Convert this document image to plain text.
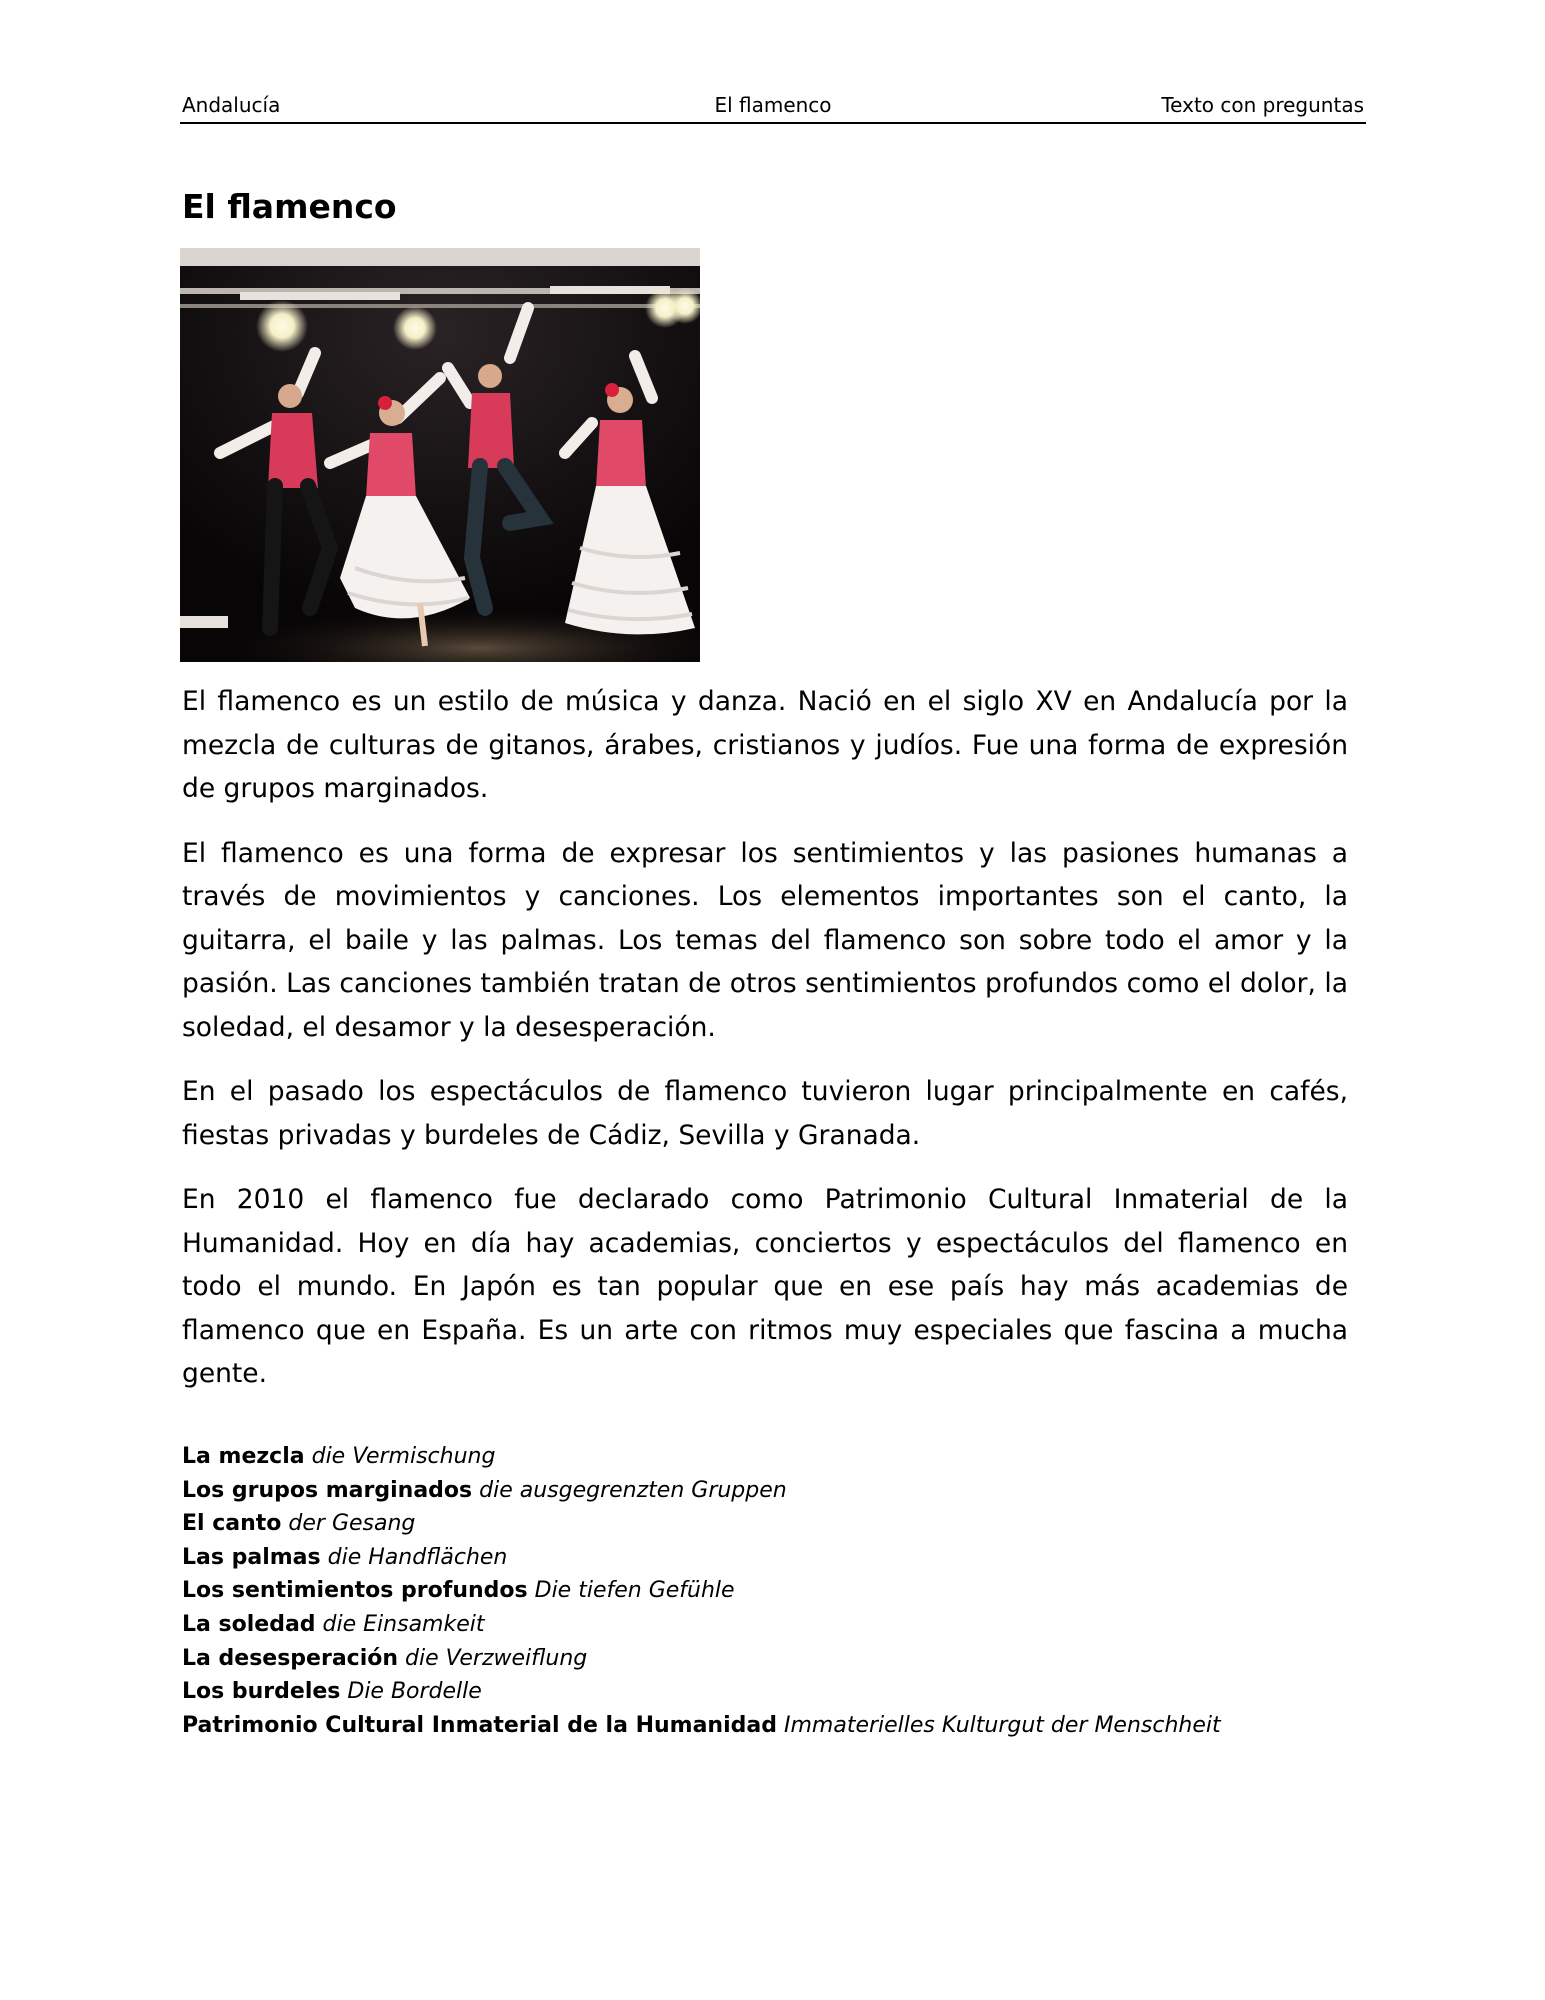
Andalucía	El flamenco	Texto con preguntas
El flamenco

El flamenco es un estilo de música y danza. Nació en el siglo XV en Andalucía por la mezcla de culturas de gitanos, árabes, cristianos y judíos. Fue una forma de expresión de grupos marginados.

El flamenco es una forma de expresar los sentimientos y las pasiones humanas a través de movimientos y canciones. Los elementos importantes son el canto, la guitarra, el baile y las palmas. Los temas del flamenco son sobre todo el amor y la pasión. Las canciones también tratan de otros sentimientos profundos como el dolor, la soledad, el desamor y la desesperación.

En el pasado los espectáculos de flamenco tuvieron lugar principalmente en cafés, fiestas privadas y burdeles de Cádiz, Sevilla y Granada.

En 2010 el flamenco fue declarado como Patrimonio Cultural Inmaterial de la Humanidad. Hoy en día hay academias, conciertos y espectáculos del flamenco en todo el mundo. En Japón es tan popular que en ese país hay más academias de flamenco que en España. Es un arte con ritmos muy especiales que fascina a mucha gente.

La mezcla die Vermischung
Los grupos marginados die ausgegrenzten Gruppen
El canto der Gesang
Las palmas die Handflächen
Los sentimientos profundos Die tiefen Gefühle
La soledad die Einsamkeit
La desesperación die Verzweiflung
Los burdeles Die Bordelle
Patrimonio Cultural Inmaterial de la Humanidad Immaterielles Kulturgut der Menschheit
